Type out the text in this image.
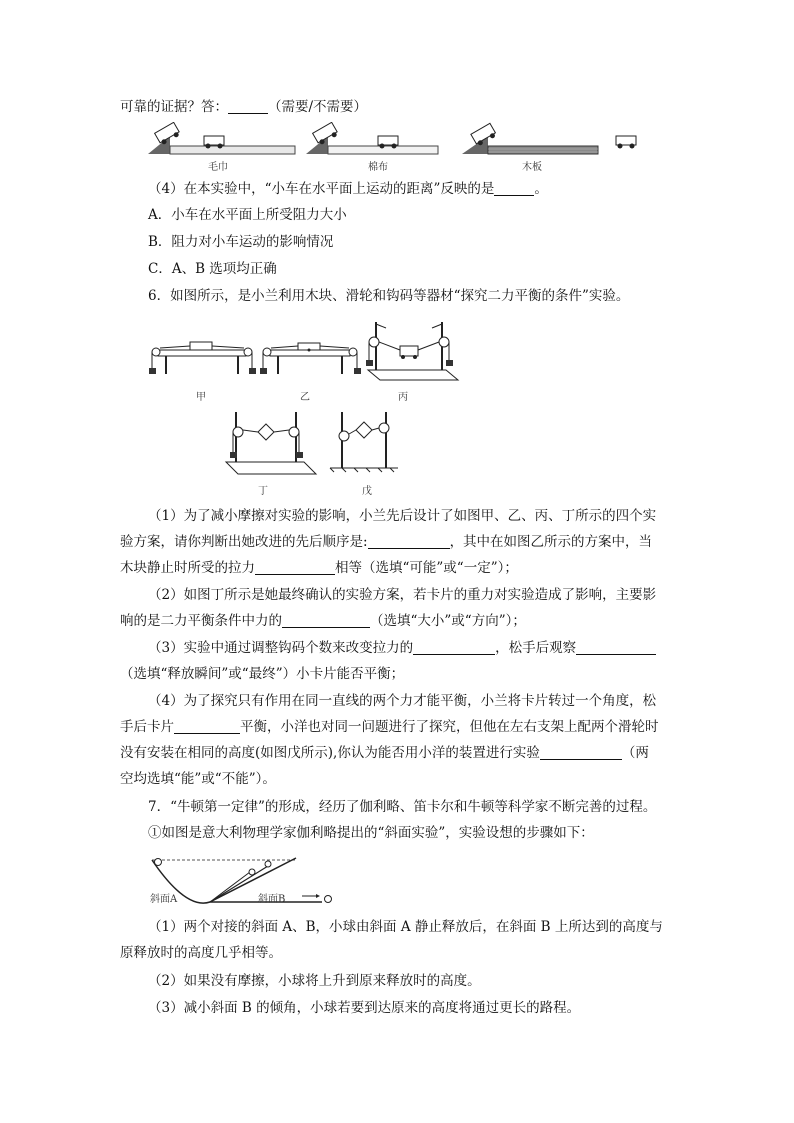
可靠的证据？答：	（需要/不需要）
毛巾	棉布	木板
（4）在本实验中，“小车在水平面上运动的距离”反映的是	。
A．小车在水平面上所受阻力大小
B．阻力对小车运动的影响情况
C．A、B 选项均正确
6．如图所示，是小兰利用木块、滑轮和钩码等器材“探究二力平衡的条件”实验。
甲	乙	丙
丁	戊
（1）为了减小摩擦对实验的影响，小兰先后设计了如图甲、乙、丙、丁所示的四个实
验方案，请你判断出她改进的先后顺序是:	，其中在如图乙所示的方案中，当
木块静止时所受的拉力	相等（选填“可能”或“一定”）；
（2）如图丁所示是她最终确认的实验方案，若卡片的重力对实验造成了影响，主要影
响的是二力平衡条件中力的	（选填“大小”或“方向”）；
（3）实验中通过调整钩码个数来改变拉力的	，松手后观察
（选填“释放瞬间”或“最终”）小卡片能否平衡；
（4）为了探究只有作用在同一直线的两个力才能平衡，小兰将卡片转过一个角度，松
手后卡片	平衡，小洋也对同一问题进行了探究，但他在左右支架上配两个滑轮时
没有安装在相同的高度(如图戊所示),你认为能否用小洋的装置进行实验	（两
空均选填“能”或“不能”）。
7．“牛顿第一定律”的形成，经历了伽利略、笛卡尔和牛顿等科学家不断完善的过程。
①如图是意大利物理学家伽利略提出的“斜面实验”，实验设想的步骤如下：
斜面A	斜面B
（1）两个对接的斜面 A、B，小球由斜面 A 静止释放后，在斜面 B 上所达到的高度与
原释放时的高度几乎相等。
（2）如果没有摩擦，小球将上升到原来释放时的高度。
（3）减小斜面 B 的倾角，小球若要到达原来的高度将通过更长的路程。
